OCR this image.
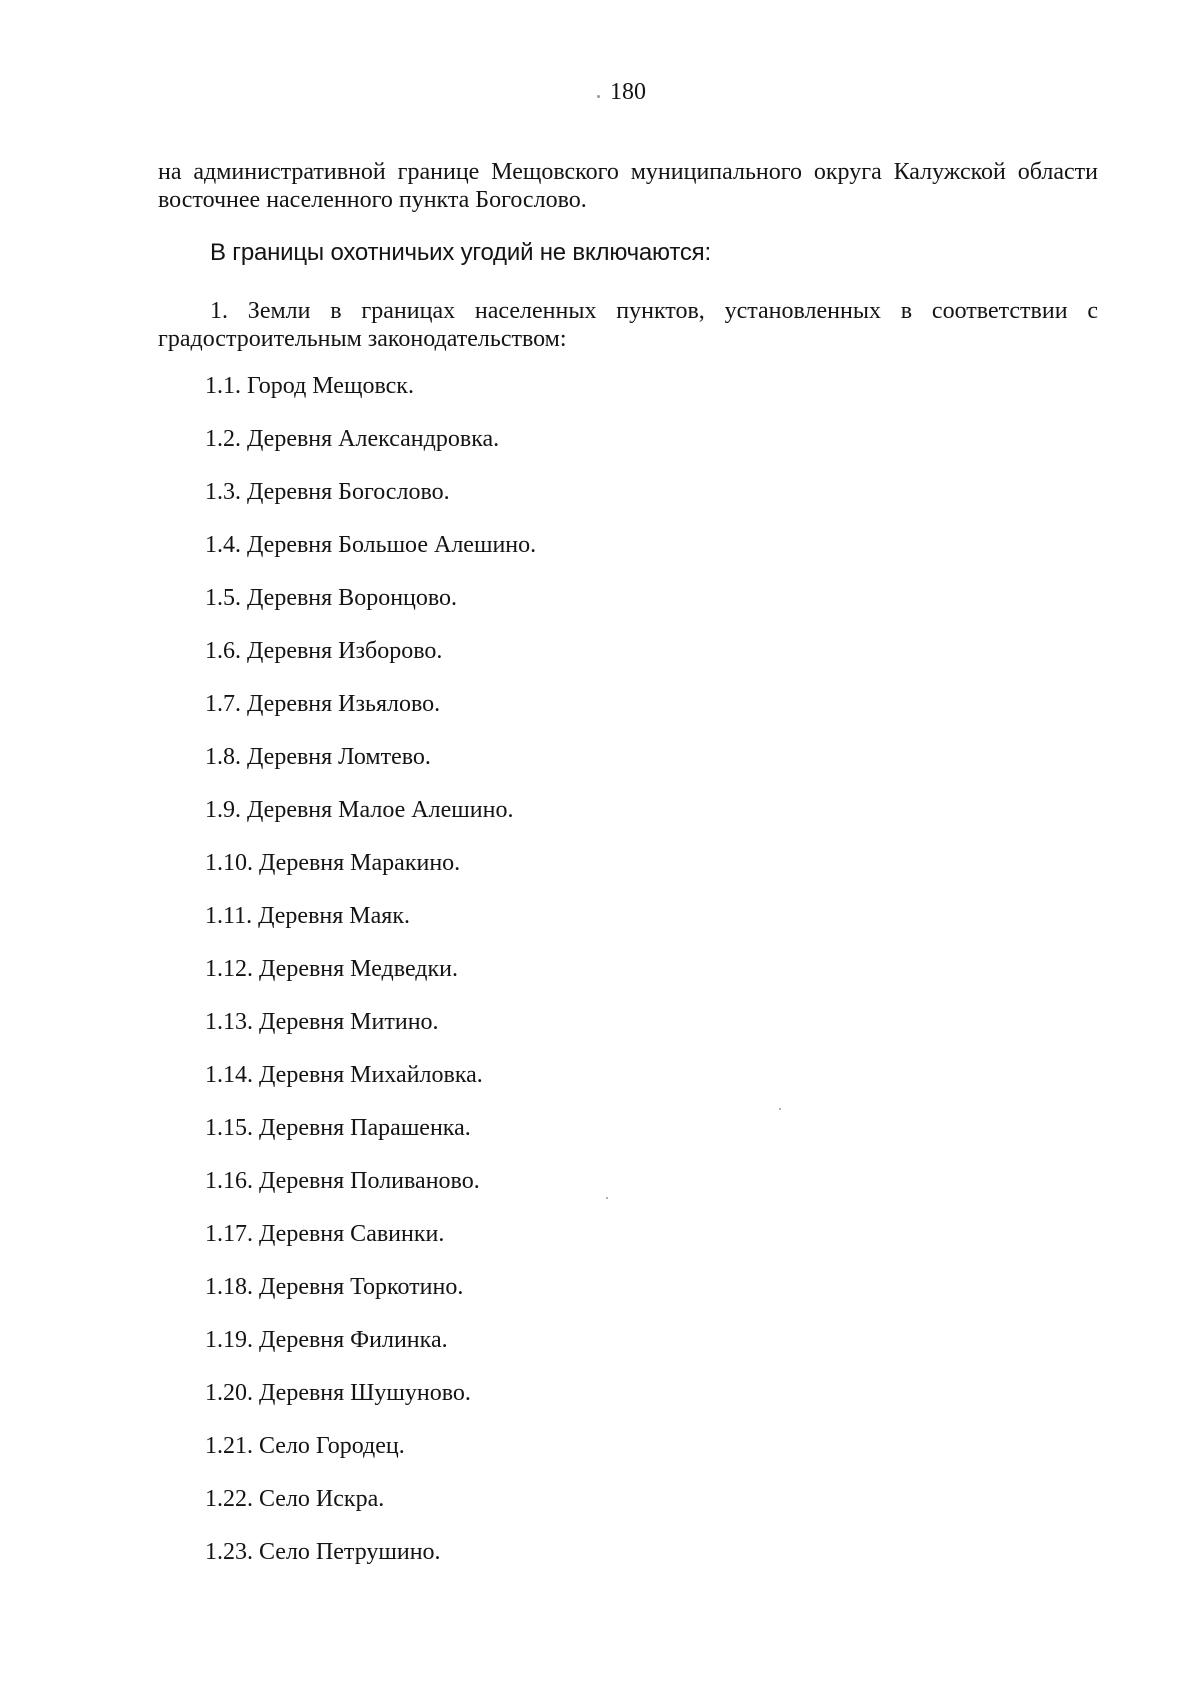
180

на административной границе Мещовского муниципального округа Калужской области восточнее населенного пункта Богослово.

В границы охотничьих угодий не включаются:

1. Земли в границах населенных пунктов, установленных в соответствии с градостроительным законодательством:

1.1. Город Мещовск.
1.2. Деревня Александровка.
1.3. Деревня Богослово.
1.4. Деревня Большое Алешино.
1.5. Деревня Воронцово.
1.6. Деревня Изборово.
1.7. Деревня Изьялово.
1.8. Деревня Ломтево.
1.9. Деревня Малое Алешино.
1.10. Деревня Маракино.
1.11. Деревня Маяк.
1.12. Деревня Медведки.
1.13. Деревня Митино.
1.14. Деревня Михайловка.
1.15. Деревня Парашенка.
1.16. Деревня Поливаново.
1.17. Деревня Савинки.
1.18. Деревня Торкотино.
1.19. Деревня Филинка.
1.20. Деревня Шушуново.
1.21. Село Городец.
1.22. Село Искра.
1.23. Село Петрушино.
